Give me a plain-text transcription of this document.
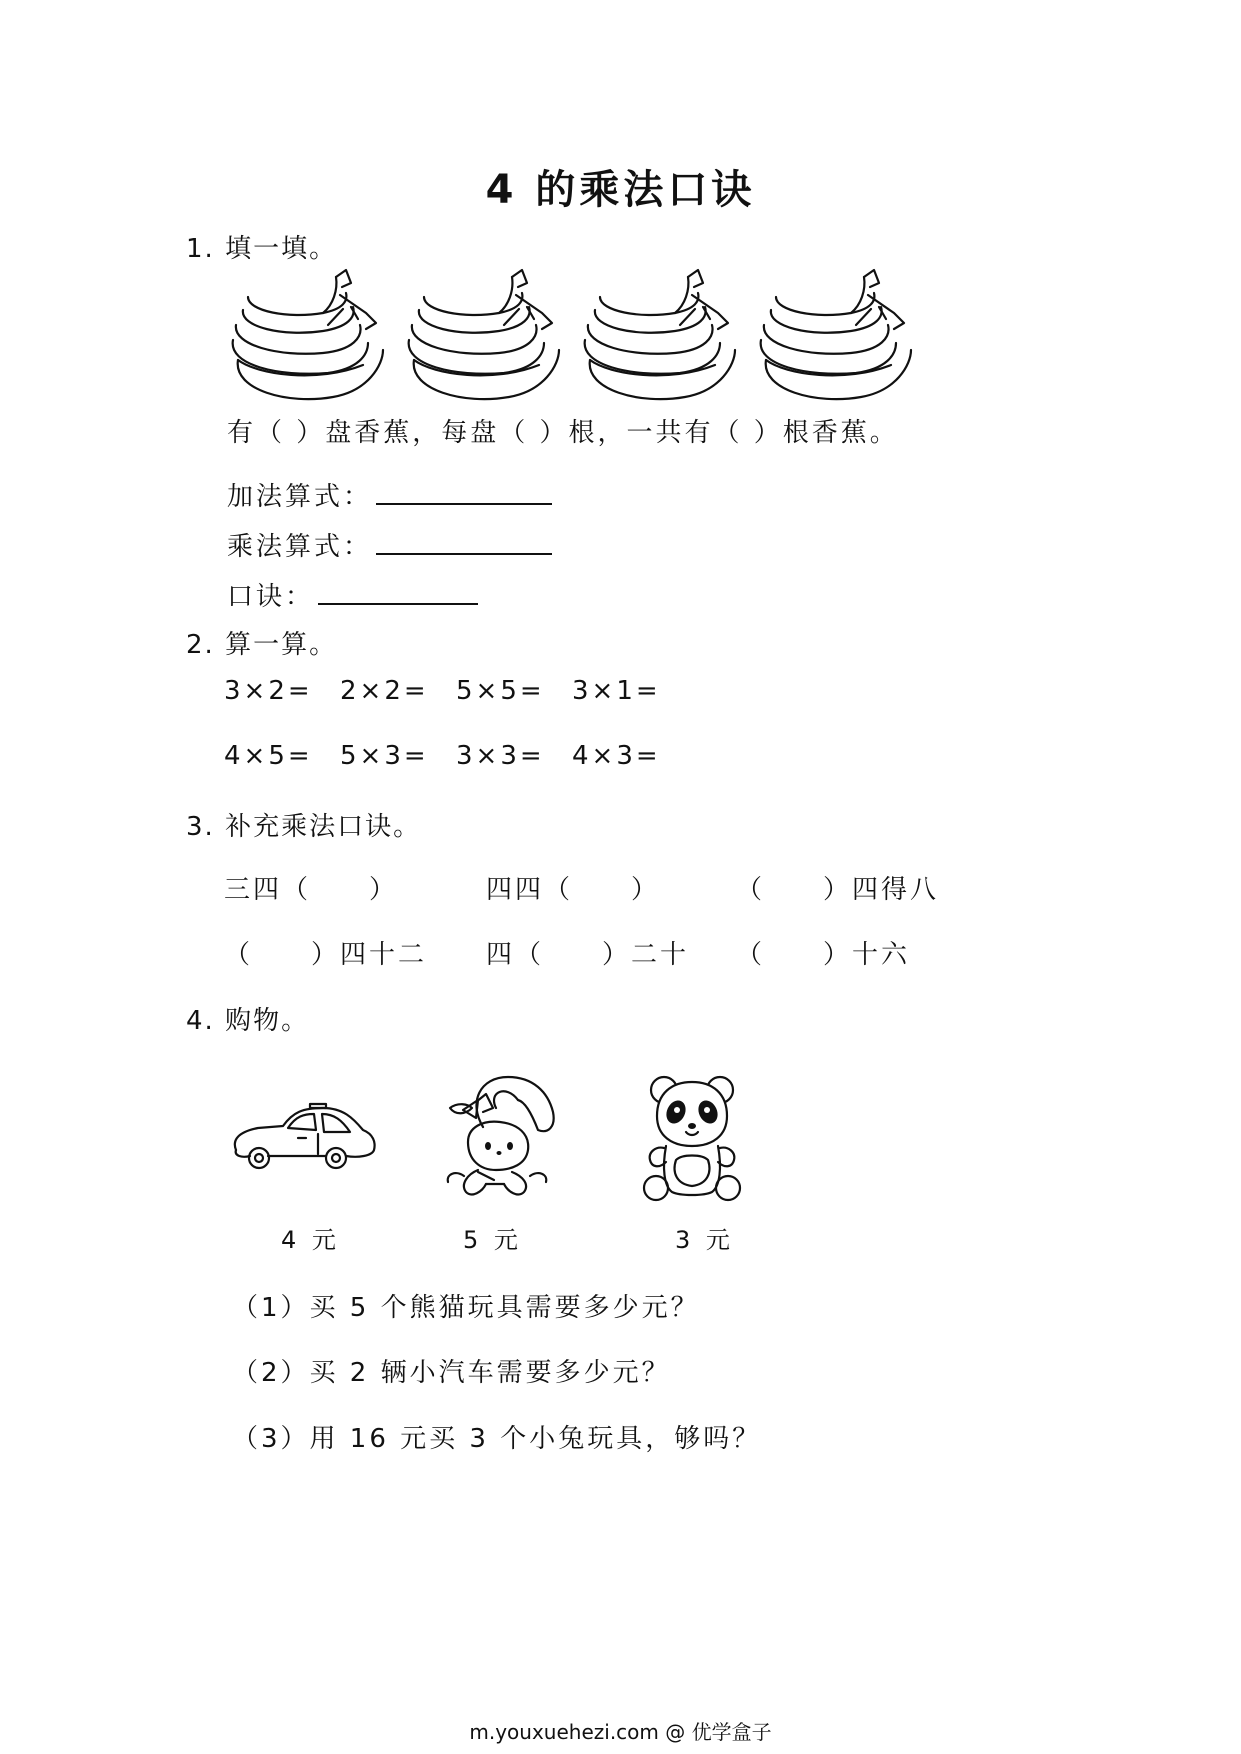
4 的乘法口诀
1. 填一填。
有（ ）盘香蕉，每盘（ ）根，一共有（ ）根香蕉。
加法算式：
乘法算式：
口诀：
2. 算一算。
3×2= 2×2= 5×5= 3×1=
4×5= 5×3= 3×3= 4×3=
3. 补充乘法口诀。
三四（　　）	四四（　　）	（　　）四得八
（　　）四十二 四（　　）二十 （　　）十六
4. 购物。
4 元	5 元	3 元
（1）买 5 个熊猫玩具需要多少元？
（2）买 2 辆小汽车需要多少元？
（3）用 16 元买 3 个小兔玩具，够吗？
m.youxuehezi.com @ 优学盒子
